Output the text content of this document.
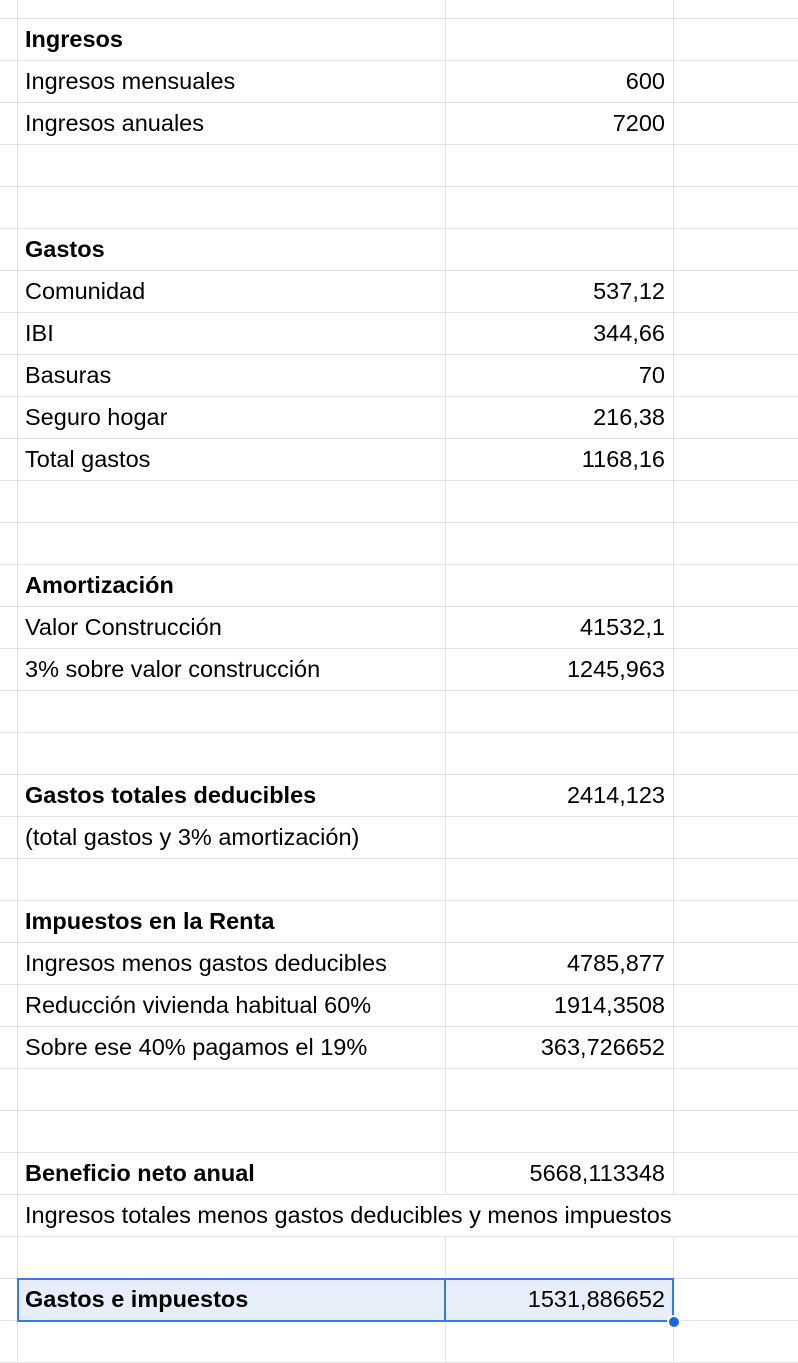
Ingresos
Ingresos mensuales	600
Ingresos anuales	7200
Gastos
Comunidad	537,12
IBI	344,66
Basuras	70
Seguro hogar	216,38
Total gastos	1168,16
Amortización
Valor Construcción	41532,1
3% sobre valor construcción	1245,963
Gastos totales deducibles	2414,123
(total gastos y 3% amortización)
Impuestos en la Renta
Ingresos menos gastos deducibles	4785,877
Reducción vivienda habitual 60%	1914,3508
Sobre ese 40% pagamos el 19%	363,726652
Beneficio neto anual	5668,113348
Ingresos totales menos gastos deducibles y menos impuestos
Gastos e impuestos	1531,886652
